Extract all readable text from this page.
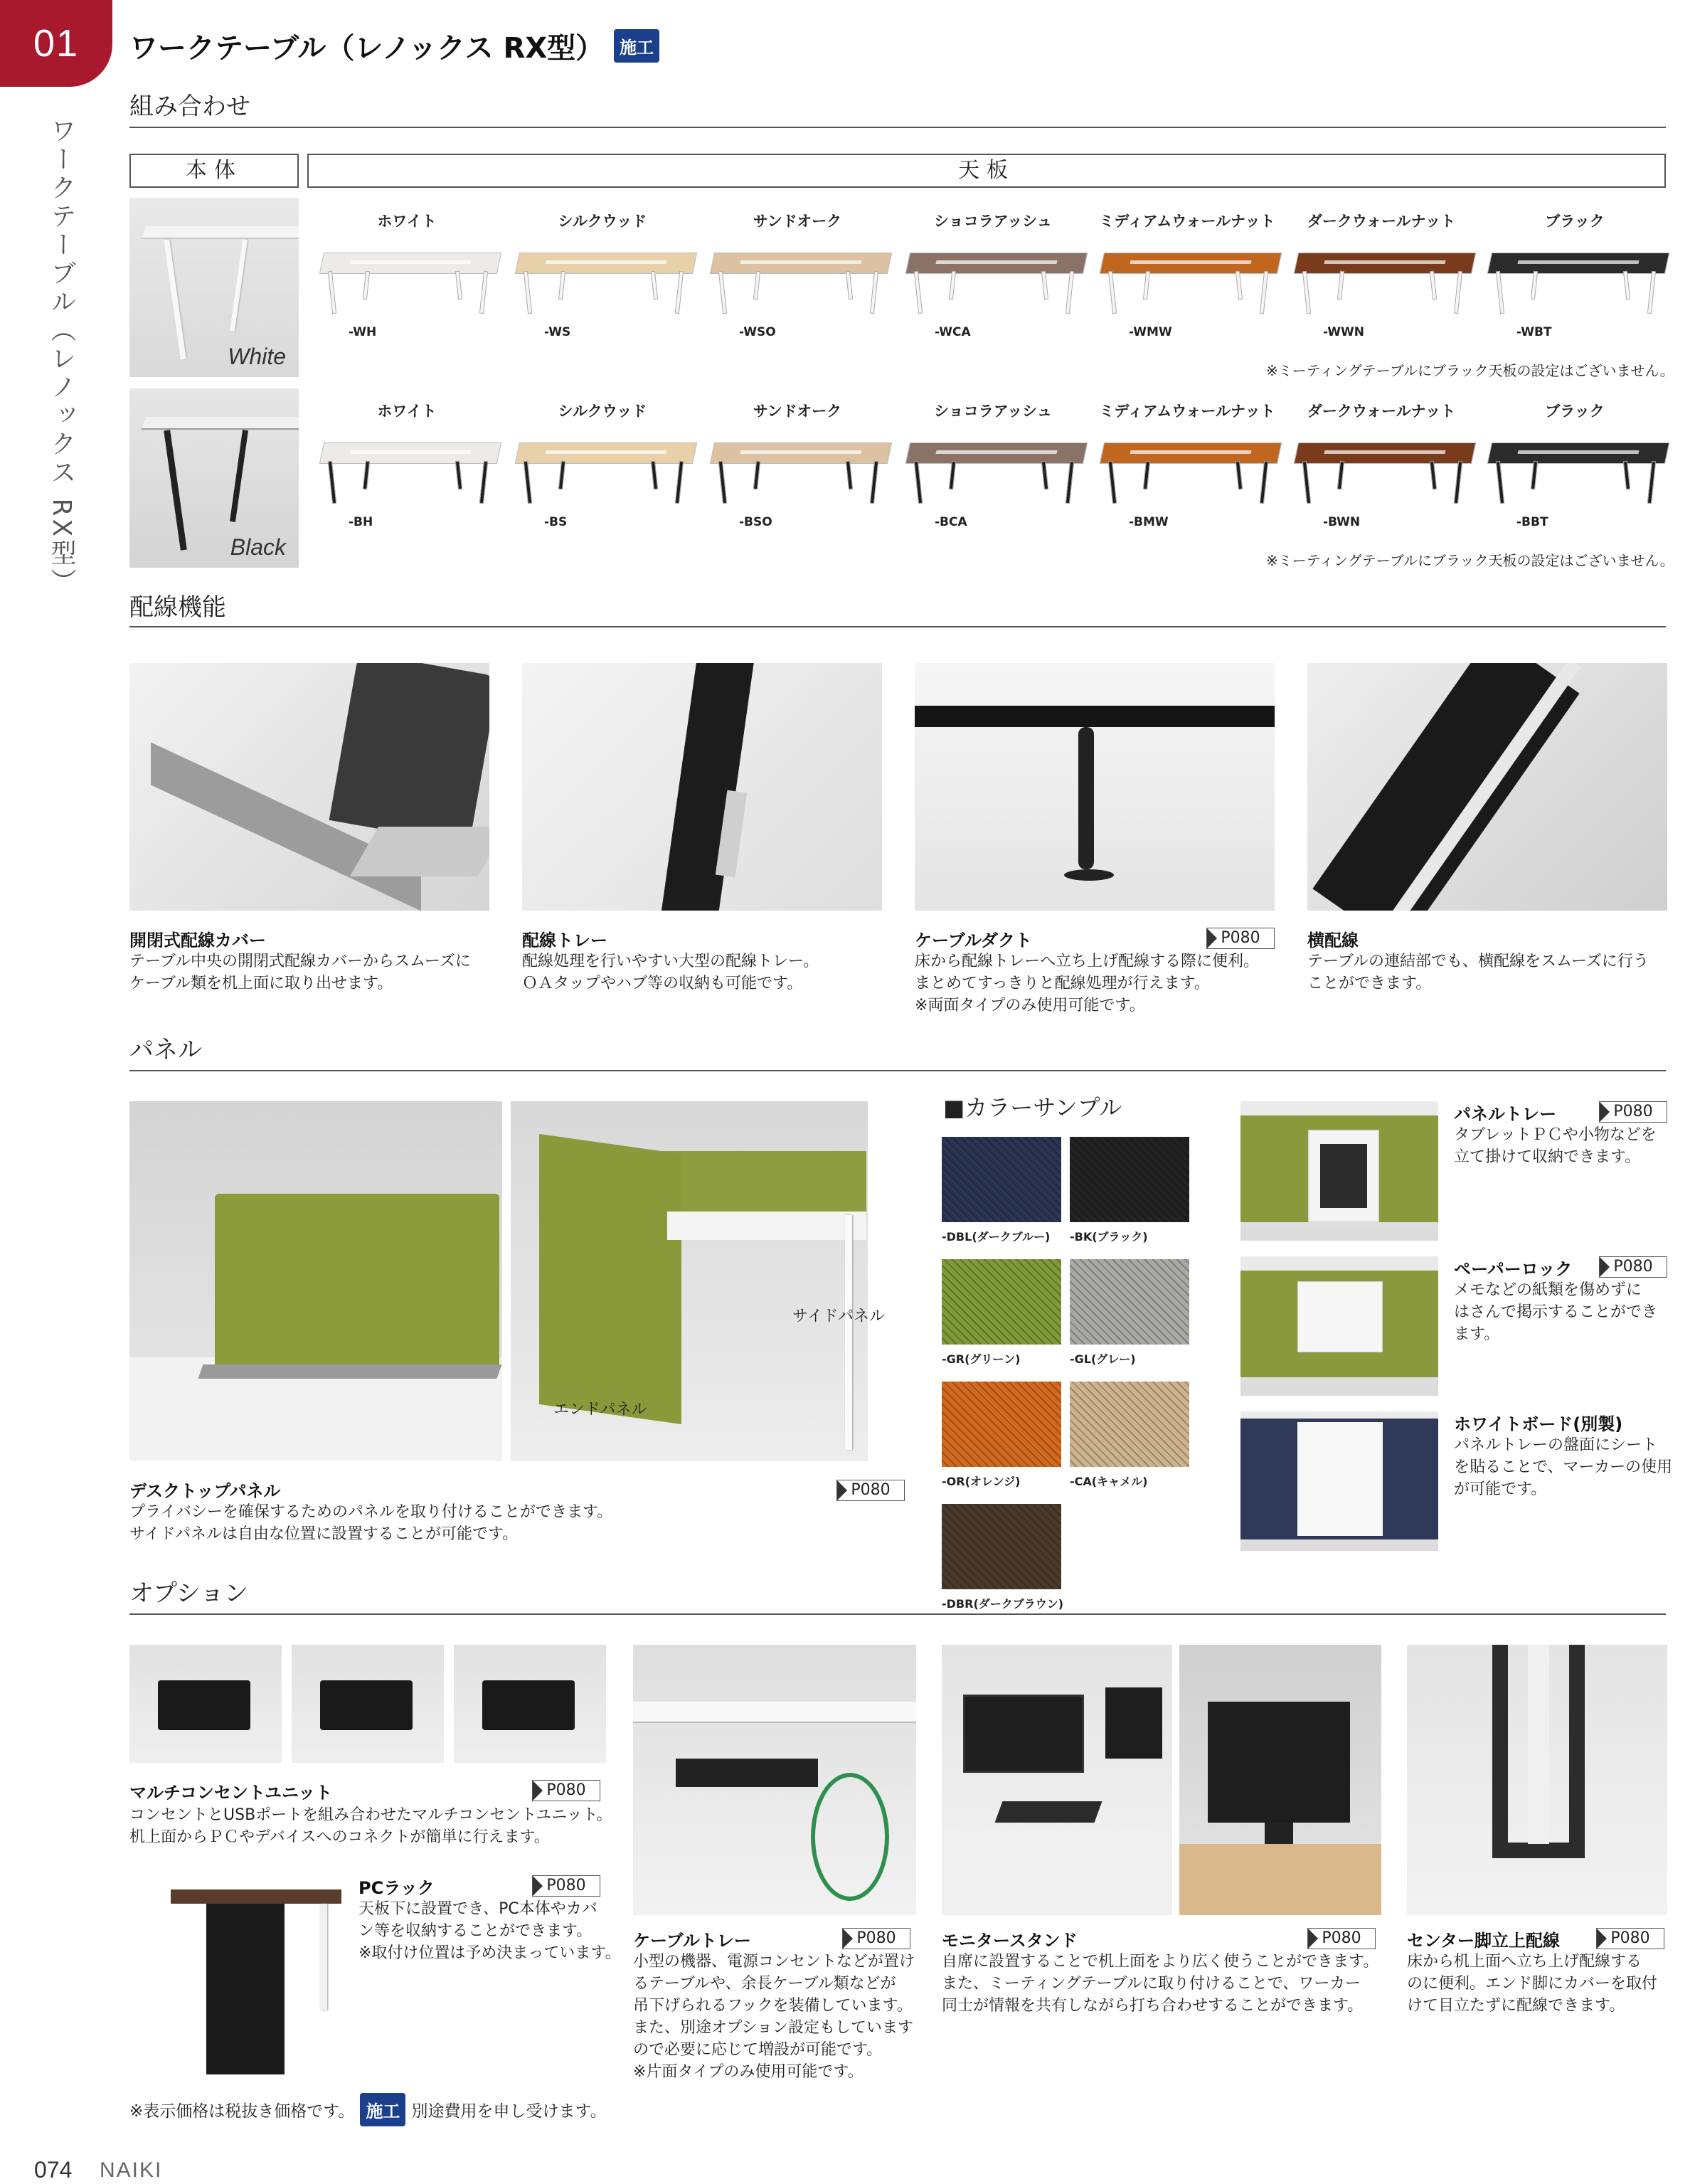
01
ワークテーブル（レノックス RX型）
ワークテーブル（レノックス RX型） 施工
組み合わせ
本体	天板
White
Black
ホワイト
-WH
シルクウッド
-WS
サンドオーク
-WSO
ショコラアッシュ
-WCA
ミディアムウォールナット
-WMW
ダークウォールナット
-WWN
ブラック
-WBT
ホワイト
-BH
シルクウッド
-BS
サンドオーク
-BSO
ショコラアッシュ
-BCA
ミディアムウォールナット
-BMW
ダークウォールナット
-BWN
ブラック
-BBT
※ミーティングテーブルにブラック天板の設定はございません。
※ミーティングテーブルにブラック天板の設定はございません。
配線機能
開閉式配線カバー
テーブル中央の開閉式配線カバーからスムーズに
ケーブル類を机上面に取り出せます。
配線トレー
配線処理を行いやすい大型の配線トレー。
ＯＡタップやハブ等の収納も可能です。
ケーブルダクト	P080
床から配線トレーへ立ち上げ配線する際に便利。
まとめてすっきりと配線処理が行えます。
※両面タイプのみ使用可能です。
横配線
テーブルの連結部でも、横配線をスムーズに行う
ことができます。
パネル
サイドパネル
エンドパネル
デスクトップパネル	P080
プライバシーを確保するためのパネルを取り付けることができます。
サイドパネルは自由な位置に設置することが可能です。
■カラーサンプル
-DBL(ダークブルー) -BK(ブラック)
-GR(グリーン)	-GL(グレー)
-OR(オレンジ)	-CA(キャメル)
-DBR(ダークブラウン)
パネルトレー	P080
タブレットＰＣや小物などを
立て掛けて収納できます。
ペーパーロック	P080
メモなどの紙類を傷めずに
はさんで掲示することができ
ます。
ホワイトボード(別製)
パネルトレーの盤面にシート
を貼ることで、マーカーの使用
が可能です。
オプション
マルチコンセントユニット	P080
コンセントとUSBポートを組み合わせたマルチコンセントユニット。
机上面からＰＣやデバイスへのコネクトが簡単に行えます。
PCラック	P080
天板下に設置でき、PC本体やカバ
ン等を収納することができます。
※取付け位置は予め決まっています。
ケーブルトレー	P080
小型の機器、電源コンセントなどが置け
るテーブルや、余長ケーブル類などが
吊下げられるフックを装備しています。
また、別途オプション設定もしています
ので必要に応じて増設が可能です。
※片面タイプのみ使用可能です。
モニタースタンド	P080
自席に設置することで机上面をより広く使うことができます。
また、ミーティングテーブルに取り付けることで、ワーカー
同士が情報を共有しながら打ち合わせすることができます。
センター脚立上配線	P080
床から机上面へ立ち上げ配線する
のに便利。エンド脚にカバーを取付
けて目立たずに配線できます。
※表示価格は税抜き価格です。 施工 別途費用を申し受けます。
074 NAIKI
